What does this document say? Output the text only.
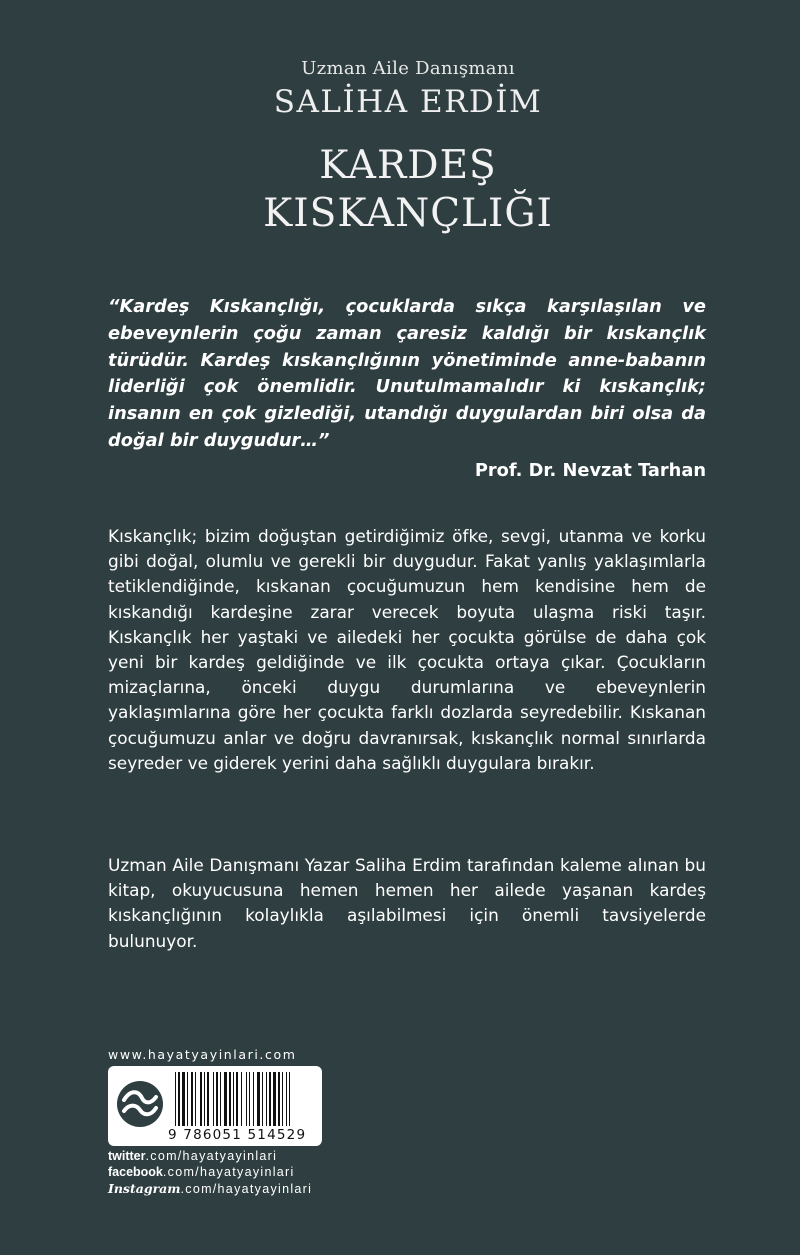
Uzman Aile Danışmanı
SALİHA ERDİM
KARDEŞ
KISKANÇLIĞI
“Kardeş Kıskançlığı, çocuklarda sıkça karşılaşılan ve ebeveynlerin çoğu zaman çaresiz kaldığı bir kıskançlık türüdür. Kardeş kıskançlığının yönetiminde anne-babanın liderliği çok önemlidir. Unutulmamalıdır ki kıskançlık; insanın en çok gizlediği, utandığı duygulardan biri olsa da doğal bir duygudur…”
Prof. Dr. Nevzat Tarhan
Kıskançlık; bizim doğuştan getirdiğimiz öfke, sevgi, utanma ve korku gibi doğal, olumlu ve gerekli bir duygudur. Fakat yanlış yaklaşımlarla tetiklendiğinde, kıskanan çocuğumuzun hem kendisine hem de kıskandığı kardeşine zarar verecek boyuta ulaşma riski taşır. Kıskançlık her yaştaki ve ailedeki her çocukta görülse de daha çok yeni bir kardeş geldiğinde ve ilk çocukta ortaya çıkar. Çocukların mizaçlarına, önceki duygu durumlarına ve ebeveynlerin yaklaşımlarına göre her çocukta farklı dozlarda seyredebilir. Kıskanan çocuğumuzu anlar ve doğru davranırsak, kıskançlık normal sınırlarda seyreder ve giderek yerini daha sağlıklı duygulara bırakır.
Uzman Aile Danışmanı Yazar Saliha Erdim tarafından kaleme alınan bu kitap, okuyucusuna hemen hemen her ailede yaşanan kardeş kıskançlığının kolaylıkla aşılabilmesi için önemli tavsiyelerde bulunuyor.
www.hayatyayinlari.com
9 786051 514529
twitter.com/hayatyayinlari
facebook.com/hayatyayinlari
Instagram.com/hayatyayinlari
